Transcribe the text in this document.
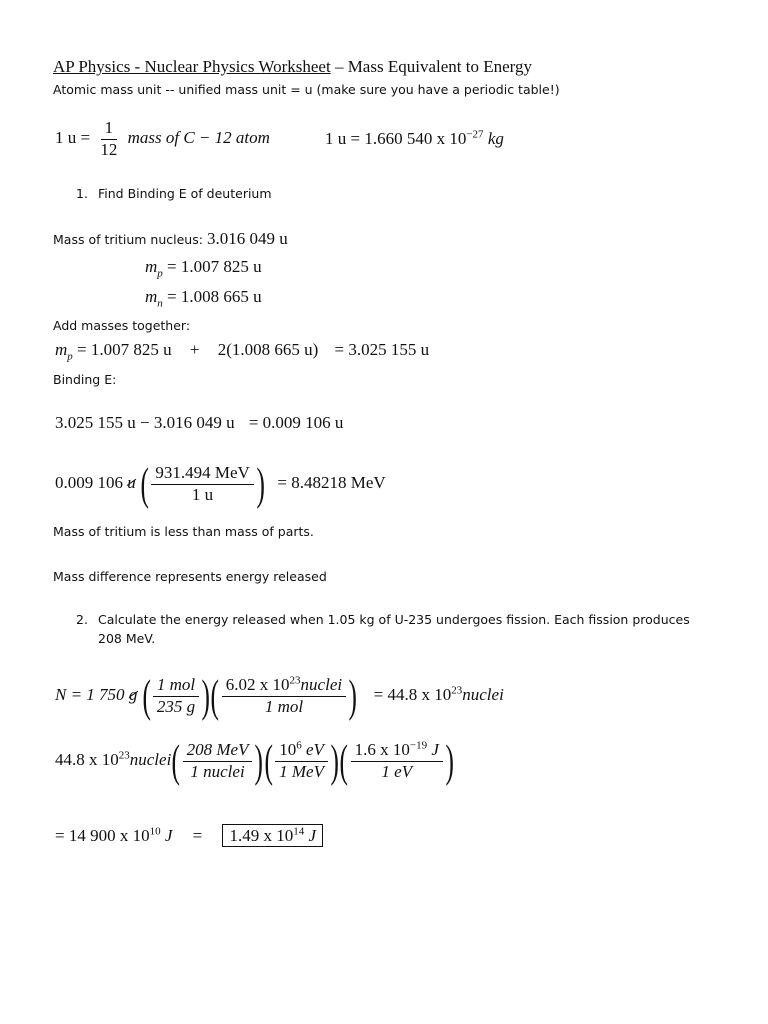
AP Physics - Nuclear Physics Worksheet – Mass Equivalent to Energy
Atomic mass unit -- unified mass unit = u (make sure you have a periodic table!)
1 $u = \frac{1}{12}$ mass of C − 12 atom	1 u = 1.660 540 x $10^{-27}$ kg
1. Find Binding E of deuterium
Mass of tritium nucleus: 3.016 049 u
$m_p = 1.007$ 825 u
$m_n = 1.008$ 665 u
Add masses together:
$m_p = 1.007$ 825 u + 2(1.008 665 u) = 3.025 155 u
Binding E:
3.025 155 u − 3.016 049 u = 0.009 106 u
0.009 106 u ( $\frac{\text{931.494 MeV}}{1 u}$ ) = 8.48218 MeV
Mass of tritium is less than mass of parts.
Mass difference represents energy released
2. Calculate the energy released when 1.05 kg of U-235 undergoes fission. Each fission produces
208 MeV.
N = 1 750 g ( $\frac{\text{1 mol}}{235 g}$ )( $\frac{6.02 x 10^{23}nuclei}{\text{1 mol}}$ ) = 44.8 x $10^{23}nuclei$
44.8 x $10^{23}nuclei( \frac{\text{208 MeV}}{\text{1 nuclei}}$ )( $\frac{10^6 eV}{\text{1 MeV}}$ )( $\frac{1.6 x 10^{-19} J}{1 eV}$ )
= 14 900 x $10^{10}$ J = 1.49 x $10^{14}$ J
